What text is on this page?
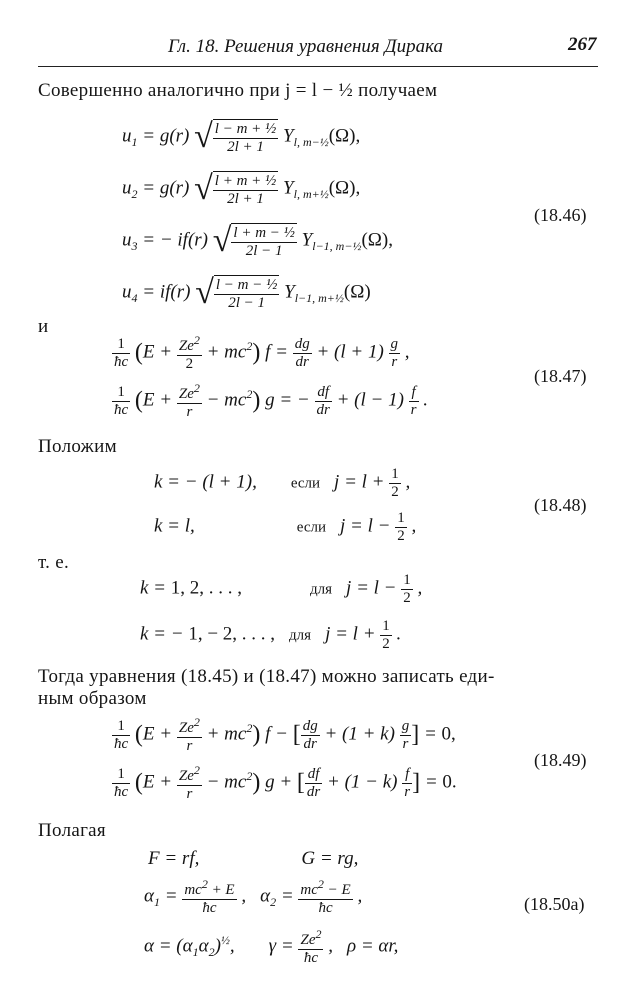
Гл. 18. Решения уравнения Дирака	267
Совершенно аналогично при j = l − ½ получаем
$u_1 = g(r)$ √ $\frac{\text{l − m + ½}}{2l + 1} Y_{l, m-\frac{1}{2}}(\Omega)$,
$u_2 = g(r)$ √ $\frac{\text{l + m + ½}}{2l + 1} Y_{l, m+\frac{1}{2}}(\Omega)$,
$u_3$ = − if(r) √ $\frac{\text{l + m − ½}}{2l - 1} Y_{l-1, m-\frac{1}{2}}(\Omega)$,
$u_4 = if(r)$ √ $\frac{\text{l − m − ½}}{2l - 1} Y_{l-1, m+\frac{1}{2}}(\Omega)$
(18.46)
и
$\frac{1}{ħc} (E + \frac{Ze^2}{2} + mc^2) f = \frac{dg}{dr} + (l + 1) \frac{g}{r}$ ,
$\frac{1}{ħc} (E + \frac{Ze^2}{r} - mc^2) g$ = − $\frac{df}{dr} + (l - 1) \frac{f}{r}$ .
(18.47)
Положим
k = − (l + 1), если $j = l + \frac{1}{2}$ ,
k = l,	если $j = l - \frac{1}{2}$ ,
(18.48)
т. е.
k = 1, 2, . . . ,	для $j = l - \frac{1}{2}$ ,
k = − 1, − 2, . . . , для $j = l + \frac{1}{2}$ .
Тогда уравнения (18.45) и (18.47) можно записать еди-
ным образом
$\frac{1}{ħc} (E + \frac{Ze^2}{r} + mc^2) f$ − [ $\frac{dg}{dr} + (1 + k) \frac{g}{r}$ ] = 0,
$\frac{1}{ħc} (E + \frac{Ze^2}{r} - mc^2) g$ + [ $\frac{df}{dr} + (1 - k) \frac{f}{r}$ ] = 0.
(18.49)
Полагая
F = rf,	G = rg,
$\alpha_1 = \frac{mc^2 + E}{ħc}$ , $\alpha_2 = \frac{mc^2 - E}{ħc}$ ,
$\alpha = (\alpha_1\alpha_2)^{\frac{1}{2}}$, $\gamma = \frac{Ze^2}{ħc}$ , ρ = αr,
(18.50a)
